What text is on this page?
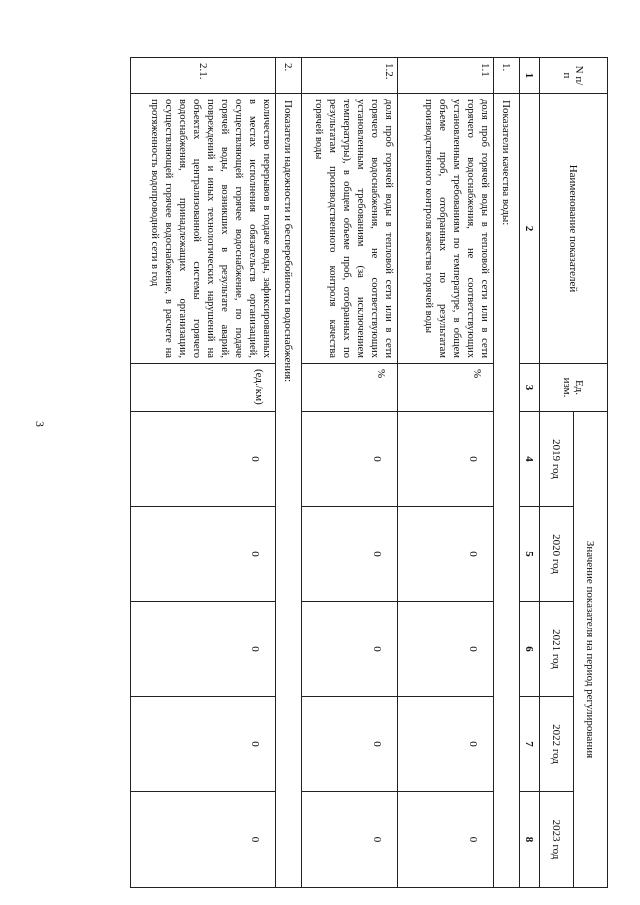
3
N п/п	Наименование показателей	Ед. изм.	Значение показателя на период регулирования				
			2019 год	2020 год	2021 год	2022 год	2023 год
1	2	3	4	5	6	7	8
1.	Показатели качества воды:						
1.1	доля проб горячей воды в тепловой сети или в сети горячего водоснабжения, не соответствующих установленным требованиям по температуре, в общем объеме проб, отобранных по результатам производственного контроля качества горячей воды	%	0	0	0	0	0
1.2.	доля проб горячей воды в тепловой сети или в сети горячего водоснабжения, не соответствующих установленным требованиям (за исключением температуры), в общем объеме проб, отобранных по результатам производственного контроля качества горячей воды	%	0	0	0	0	0
2.	Показатели надежности и бесперебойности водоснабжения:						
2.1.	количество перерывов в подаче воды, зафиксированных в местах исполнения обязательств организацией, осуществляющей горячее водоснабжение, по подаче горячей воды, возникших в результате аварий, повреждений и иных технологических нарушений на объектах централизованной системы горячего водоснабжения, принадлежащих организации, осуществляющей горячее водоснабжение, в расчете на протяженность водопроводной сети в год	(ед./км)	0	0	0	0	0
